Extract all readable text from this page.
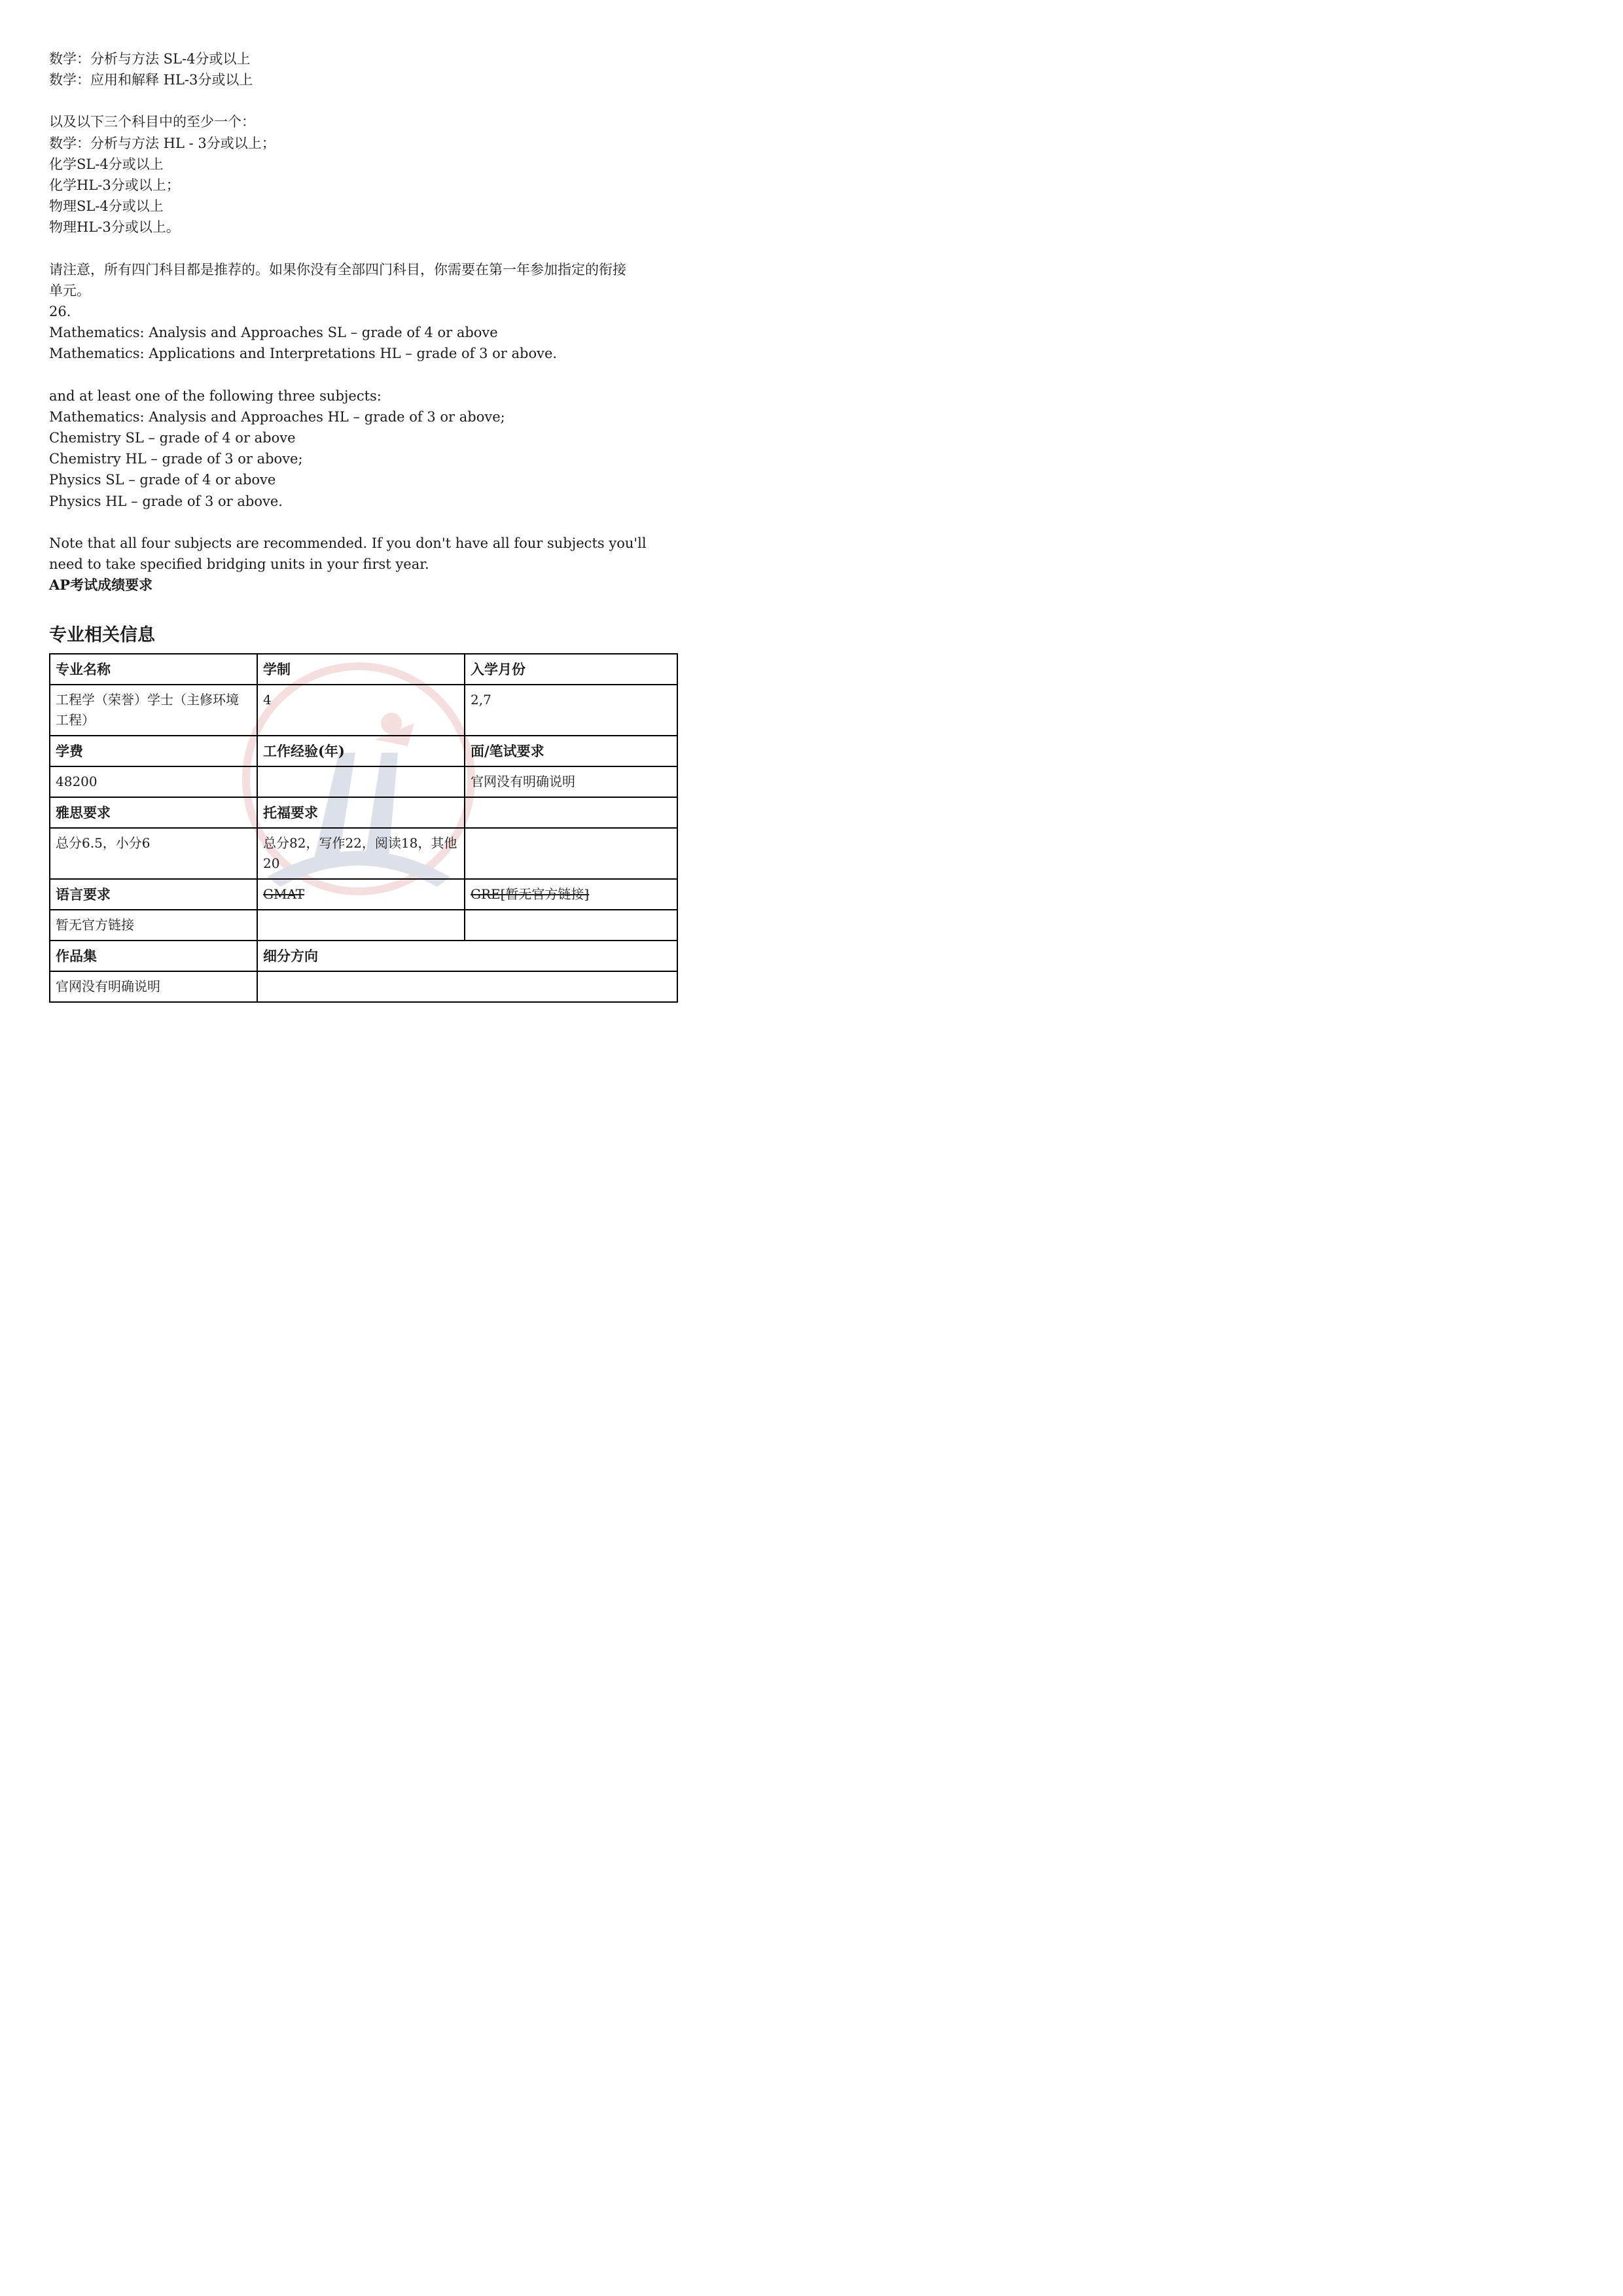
数学：分析与方法 SL-4分或以上
数学：应用和解释 HL-3分或以上
以及以下三个科目中的至少一个：
数学：分析与方法 HL - 3分或以上；
化学SL-4分或以上
化学HL-3分或以上；
物理SL-4分或以上
物理HL-3分或以上。
请注意，所有四门科目都是推荐的。如果你没有全部四门科目，你需要在第一年参加指定的衔接
单元。
26.
Mathematics: Analysis and Approaches SL – grade of 4 or above
Mathematics: Applications and Interpretations HL – grade of 3 or above.
and at least one of the following three subjects:
Mathematics: Analysis and Approaches HL – grade of 3 or above;
Chemistry SL – grade of 4 or above
Chemistry HL – grade of 3 or above;
Physics SL – grade of 4 or above
Physics HL – grade of 3 or above.
Note that all four subjects are recommended. If you don't have all four subjects you'll
need to take specified bridging units in your first year.
AP考试成绩要求
专业相关信息
专业名称	学制	入学月份
工程学（荣誉）学士（主修环境工程）	4	2,7
学费	工作经验(年)	面/笔试要求
48200		官网没有明确说明
雅思要求	托福要求	
总分6.5，小分6	总分82，写作22，阅读18，其他20	
语言要求	GMAT	GRE[暂无官方链接]
暂无官方链接		
作品集	细分方向	
官网没有明确说明		
